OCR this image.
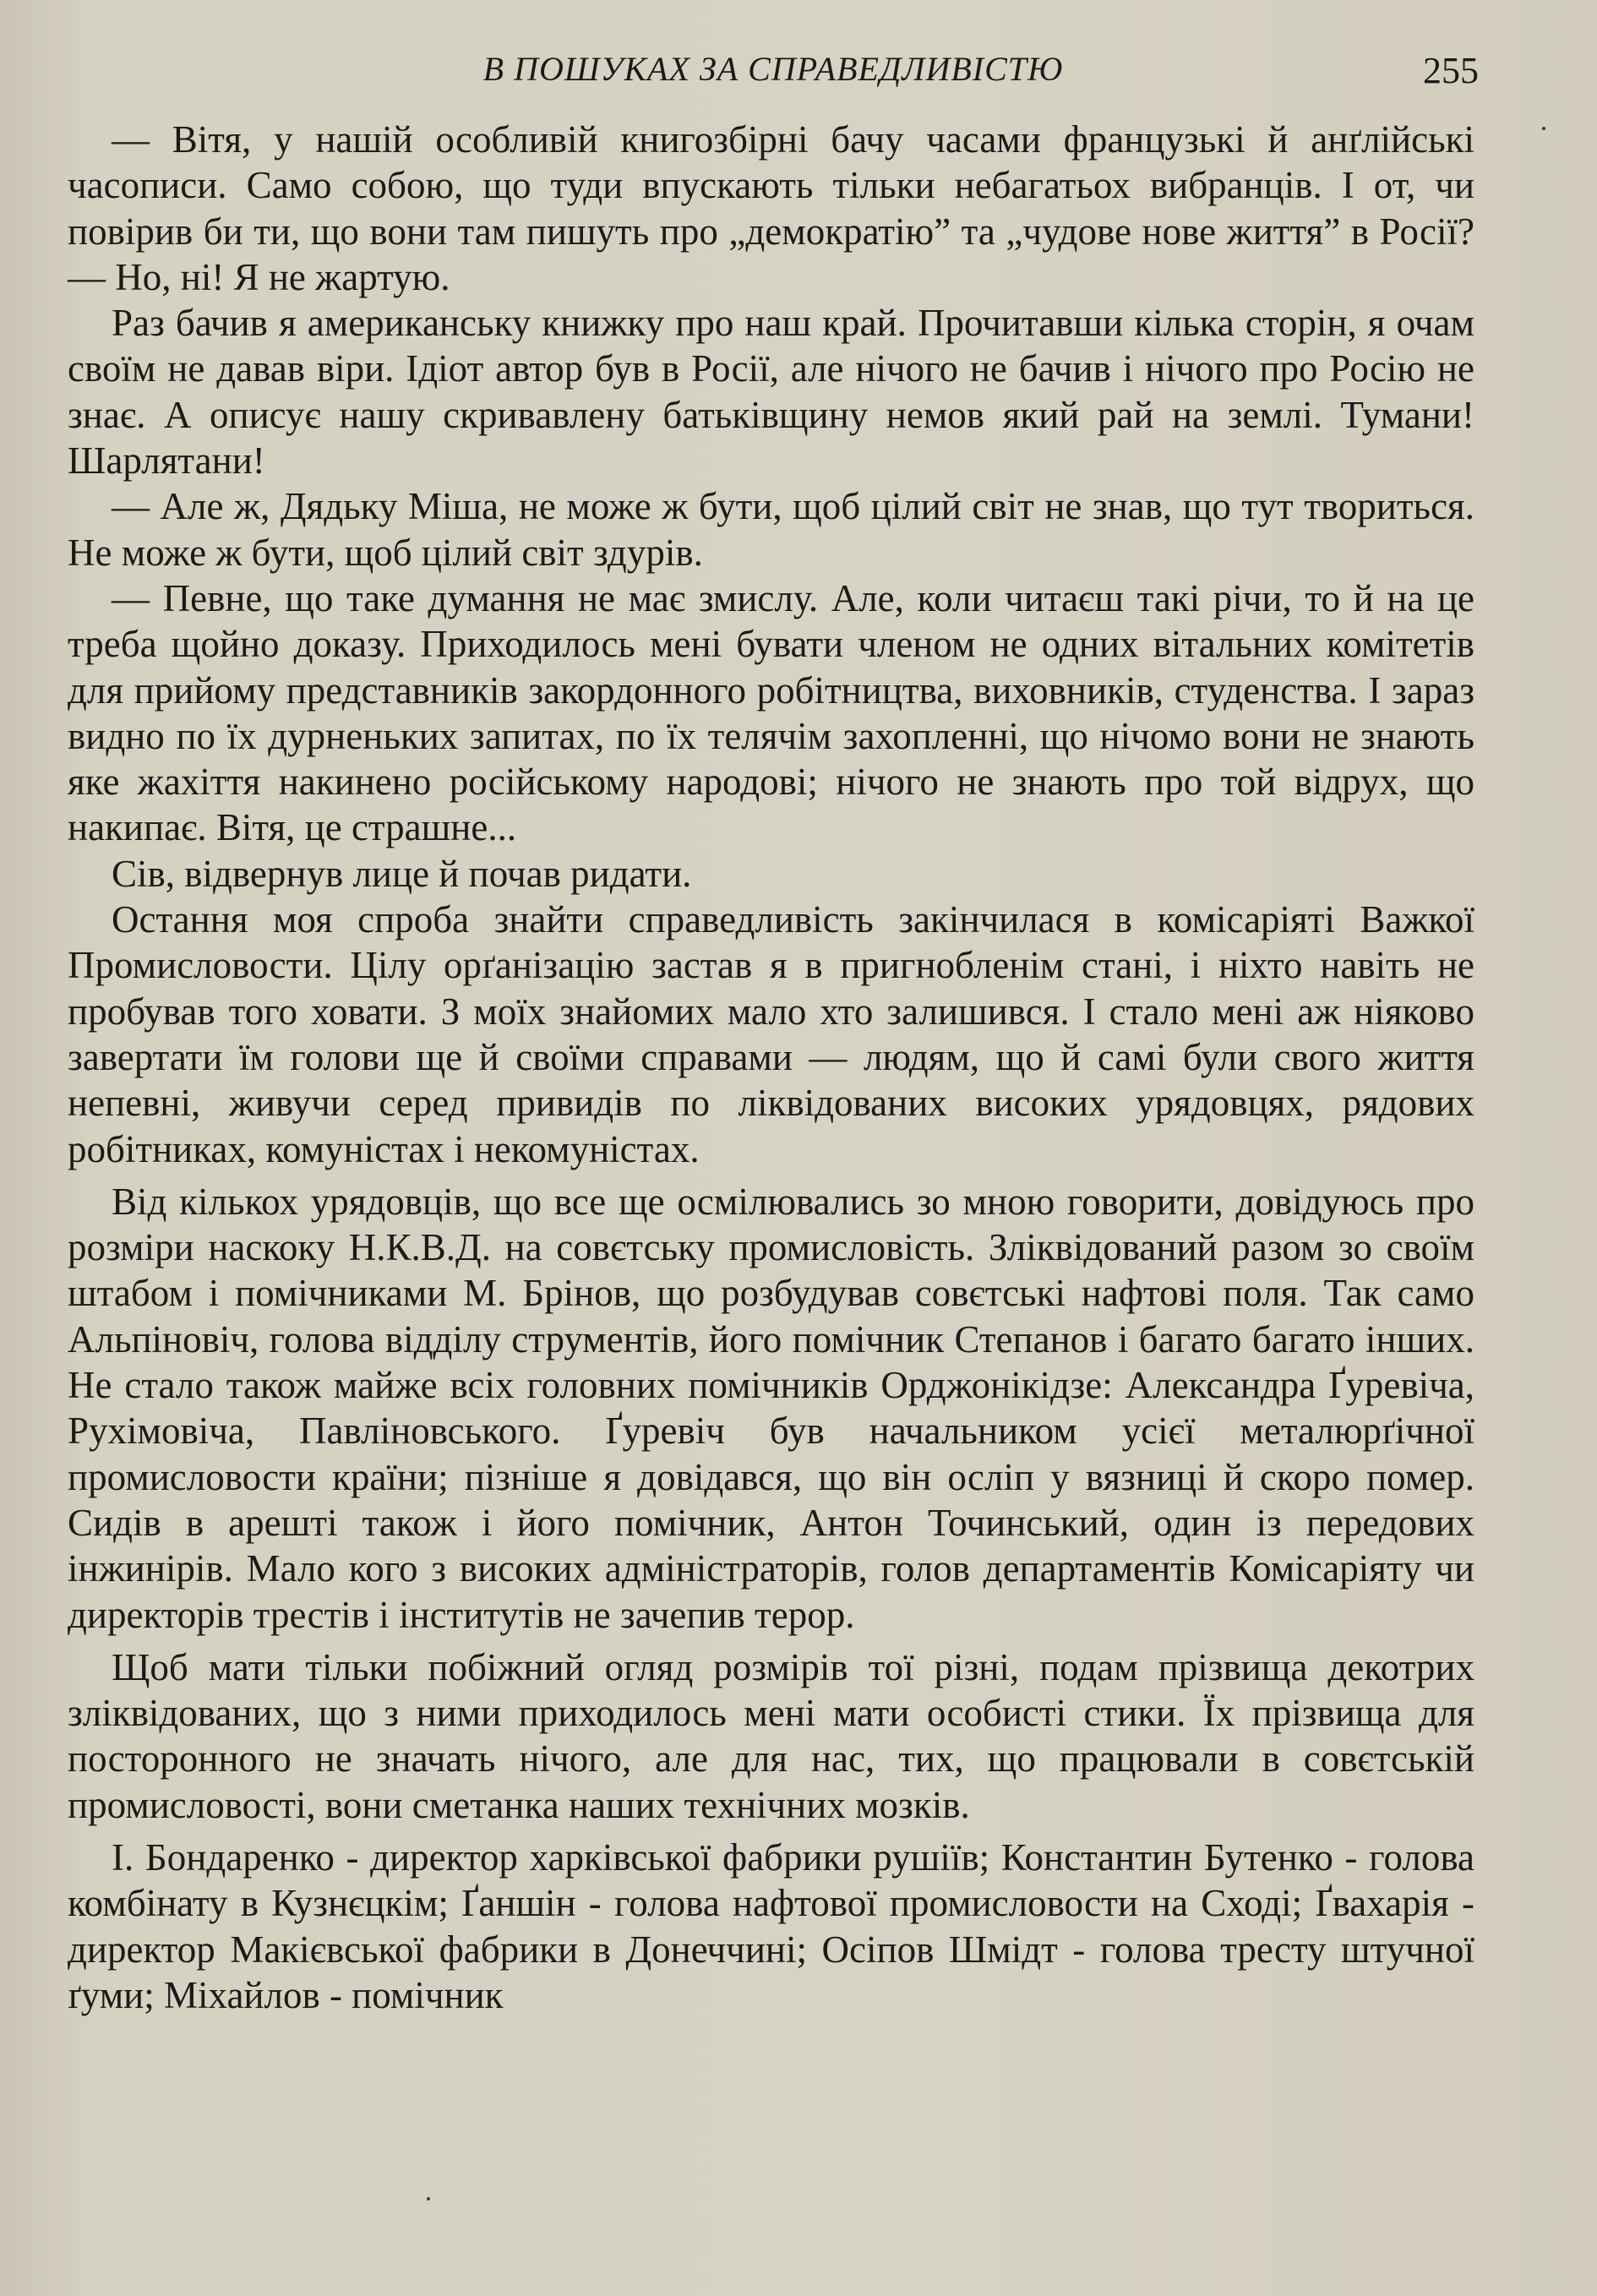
В ПОШУКАХ ЗА СПРАВЕДЛИВІСТЮ	255

— Вітя, у нашій особливій книгозбірні бачу часами французькі й анґлійські часописи. Само собою, що туди впускають тільки небагатьох вибранців. І от, чи повірив би ти, що вони там пишуть про „демократію” та „чудове нове життя” в Росії? — Но, ні! Я не жартую.

Раз бачив я американську книжку про наш край. Прочитавши кілька сторін, я очам своїм не давав віри. Ідіот автор був в Росії, але нічого не бачив і нічого про Росію не знає. А описує нашу скривавлену батьківщину немов який рай на землі. Тумани! Шарлятани!

— Але ж, Дядьку Міша, не може ж бути, щоб цілий світ не знав, що тут твориться. Не може ж бути, щоб цілий світ здурів.

— Певне, що таке думання не має змислу. Але, коли читаєш такі річи, то й на це треба щойно доказу. Приходилось мені бувати членом не одних вітальних комітетів для прийому представників закордонного робітництва, виховників, студенства. І зараз видно по їх дурненьких запитах, по їх телячім захопленні, що нічомо вони не знають яке жахіття накинено російському народові; нічого не знають про той відрух, що накипає. Вітя, це страшне...

Сів, відвернув лице й почав ридати.

Остання моя спроба знайти справедливість закінчилася в комісаріяті Важкої Промисловости. Цілу орґанізацію застав я в пригнобленім стані, і ніхто навіть не пробував того ховати. З моїх знайомих мало хто залишився. І стало мені аж ніяково завертати їм голови ще й своїми справами — людям, що й самі були свого життя непевні, живучи серед привидів по ліквідованих високих урядовцях, рядових робітниках, комуністах і некомуністах.

Від кількох урядовців, що все ще осмілювались зо мною говорити, довідуюсь про розміри наскоку Н.К.В.Д. на совєтську промисловість. Зліквідований разом зо своїм штабом і помічниками М. Брінов, що розбудував совєтські нафтові поля. Так само Альпіновіч, голова відділу струментів, його помічник Степанов і багато багато інших. Не стало також майже всіх головних помічників Орджонікідзе: Александра Ґуревіча, Рухімовіча, Павліновського. Ґуревіч був начальником усієї металюрґічної промисловости країни; пізніше я довідався, що він осліп у вязниці й скоро помер. Сидів в арешті також і його помічник, Антон Точинський, один із передових інжинірів. Мало кого з високих адміністраторів, голов департаментів Комісаріяту чи директорів трестів і інститутів не зачепив терор.

Щоб мати тільки побіжний огляд розмірів тої різні, подам прізвища декотрих зліквідованих, що з ними приходилось мені мати особисті стики. Їх прізвища для посторонного не значать нічого, але для нас, тих, що працювали в совєтській промисловості, вони сметанка наших технічних мозків.

І. Бондаренко - директор харківської фабрики рушіїв; Константин Бутенко - голова комбінату в Кузнєцкім; Ґаншін - голова нафтової промисловости на Сході; Ґвахарія - директор Макієвської фабрики в Донеччині; Осіпов Шмідт - голова тресту штучної ґуми; Міхайлов - помічник
